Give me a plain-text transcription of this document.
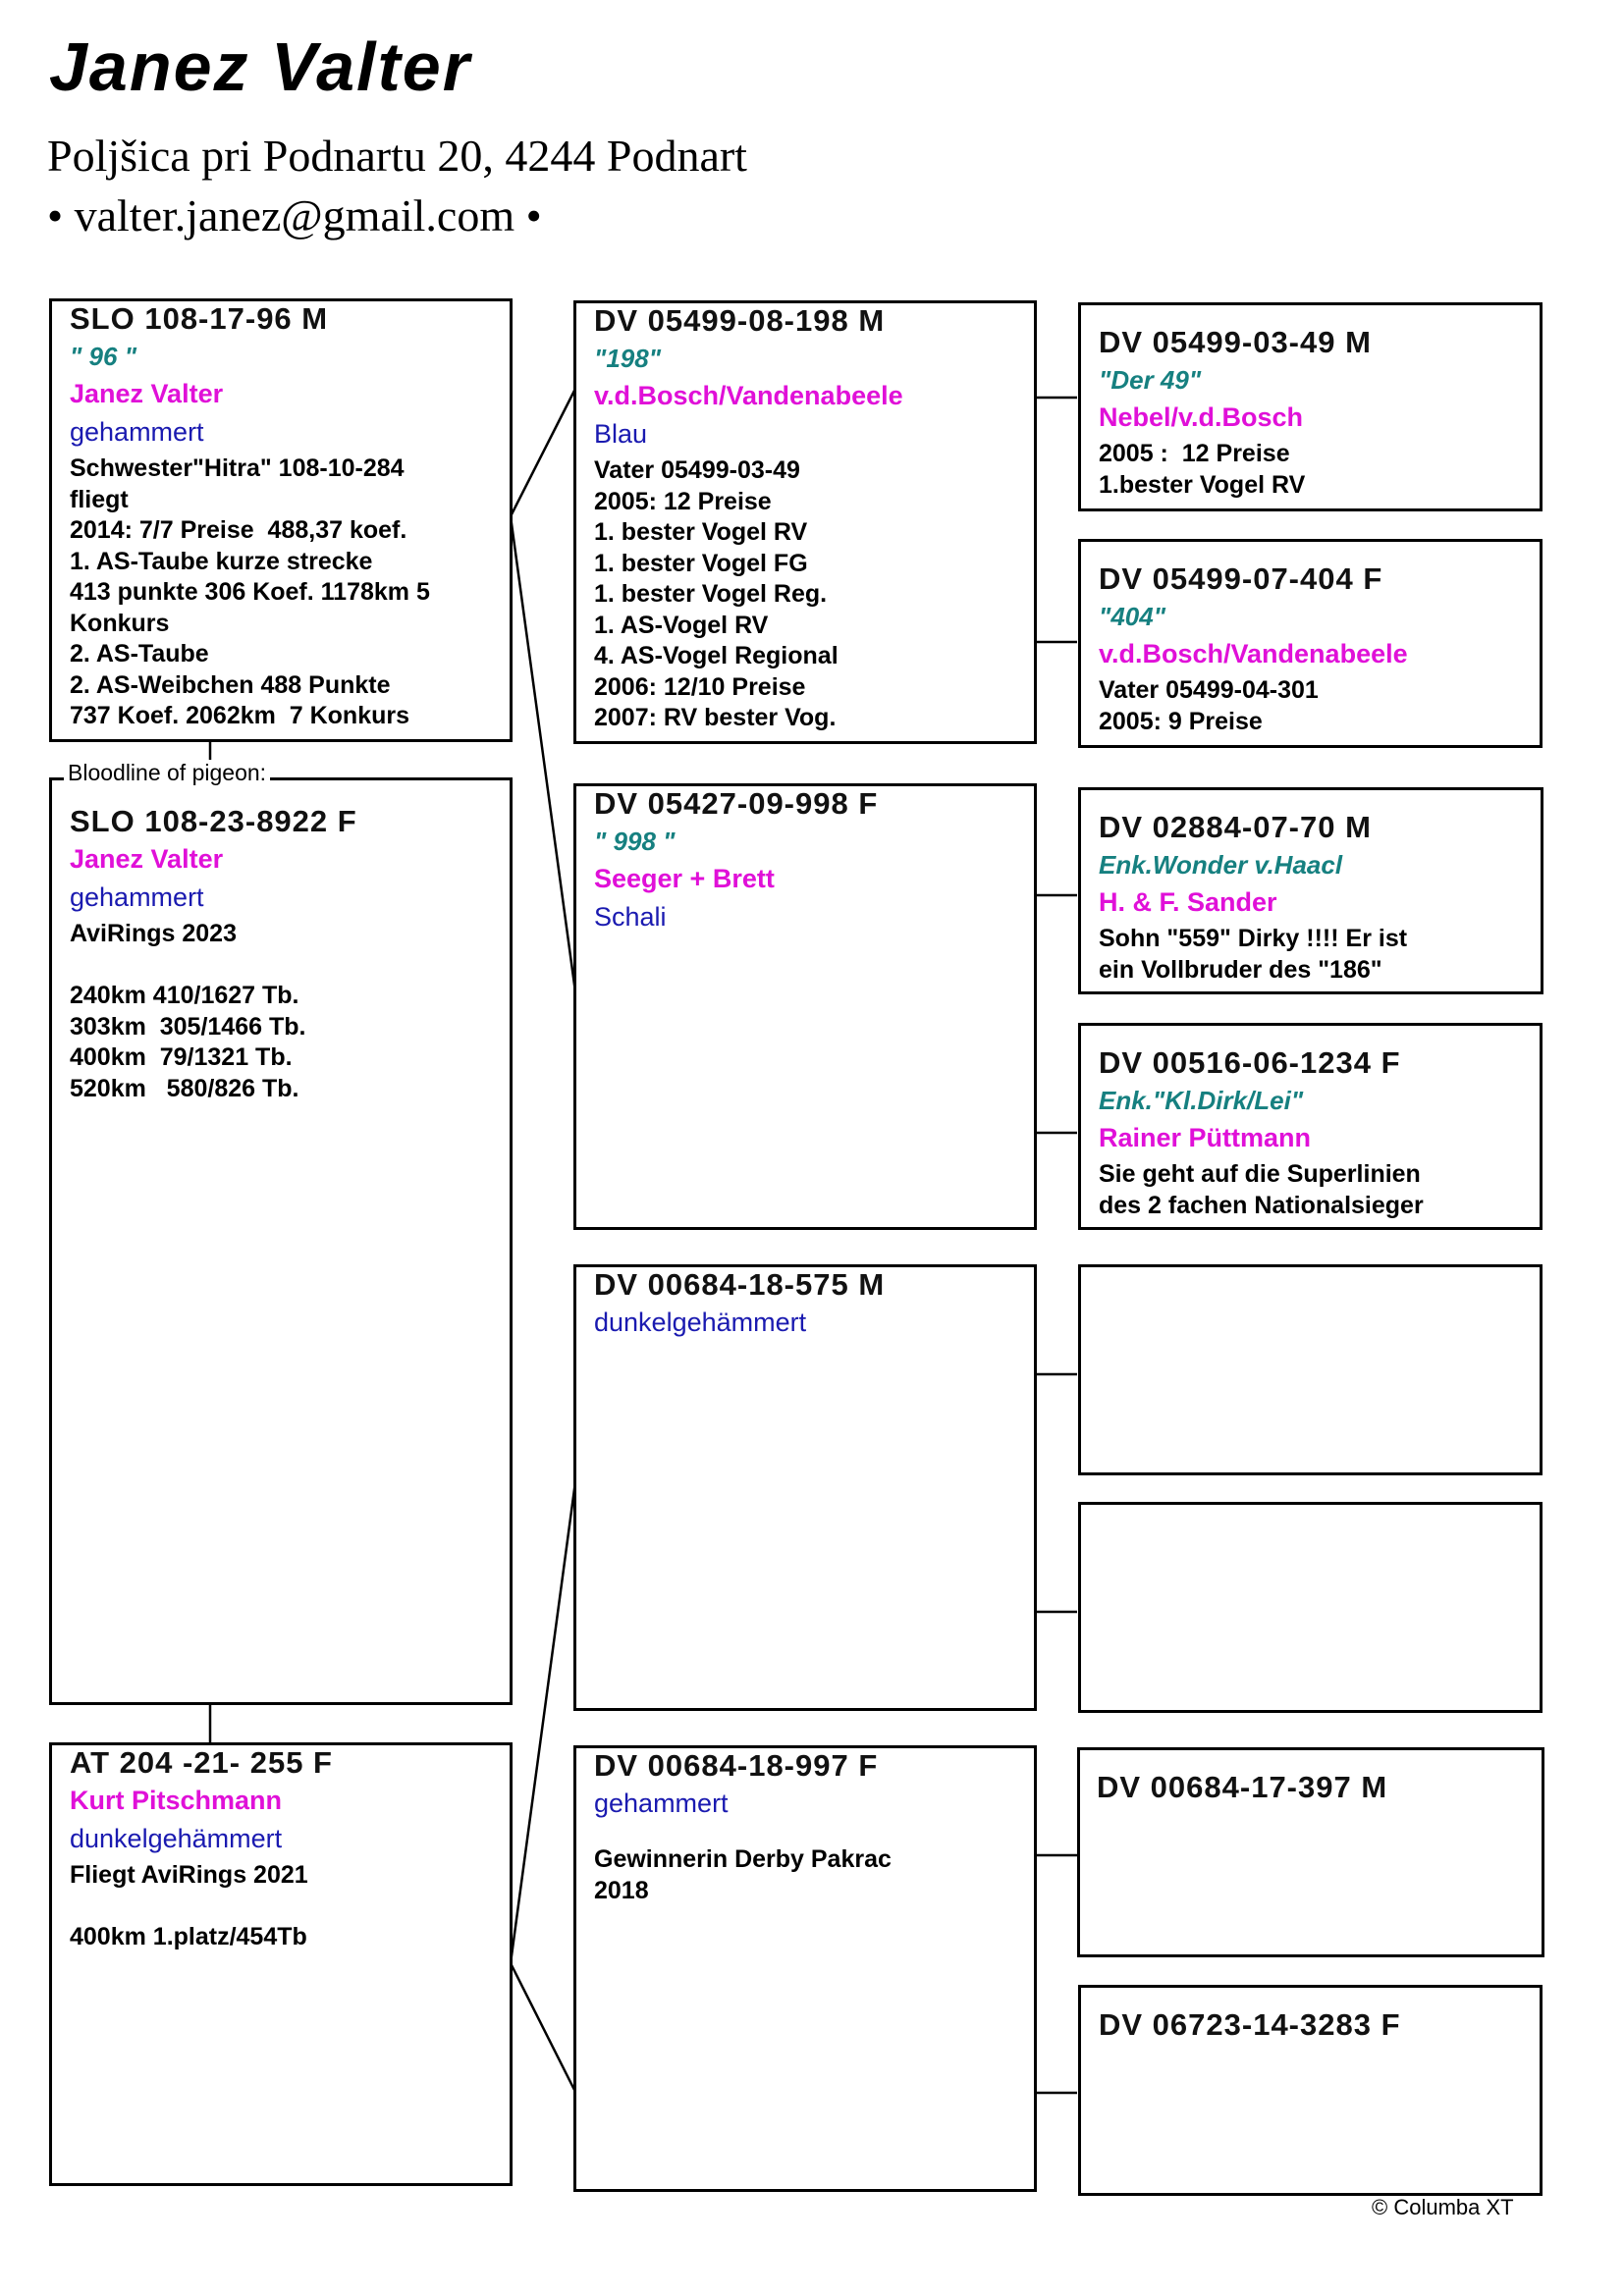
Janez Valter
Poljšica pri Podnartu 20, 4244 Podnart
• valter.janez@gmail.com •
SLO 108-17-96 M
" 96 "
Janez Valter
gehammert
Schwester"Hitra" 108-10-284
fliegt
2014: 7/7 Preise  488,37 koef.
1. AS-Taube kurze strecke
413 punkte 306 Koef. 1178km 5
Konkurs
2. AS-Taube
2. AS-Weibchen 488 Punkte
737 Koef. 2062km  7 Konkurs
SLO 108-23-8922 F
Janez Valter
gehammert
AviRings 2023

240km 410/1627 Tb.
303km  305/1466 Tb.
400km  79/1321 Tb.
520km   580/826 Tb.
Bloodline of pigeon:
AT 204 -21- 255 F
Kurt Pitschmann
dunkelgehämmert
Fliegt AviRings 2021

400km 1.platz/454Tb
DV 05499-08-198 M
"198"
v.d.Bosch/Vandenabeele
Blau
Vater 05499-03-49
2005: 12 Preise
1. bester Vogel RV
1. bester Vogel FG
1. bester Vogel Reg.
1. AS-Vogel RV
4. AS-Vogel Regional
2006: 12/10 Preise
2007: RV bester Vog.
DV 05427-09-998 F
" 998 "
Seeger + Brett
Schali
DV 00684-18-575 M
dunkelgehämmert
DV 00684-18-997 F
gehammert
Gewinnerin Derby Pakrac
2018
DV 05499-03-49 M
"Der 49"
Nebel/v.d.Bosch
2005 :  12 Preise
1.bester Vogel RV
DV 05499-07-404 F
"404"
v.d.Bosch/Vandenabeele
Vater 05499-04-301
2005: 9 Preise
DV 02884-07-70 M
Enk.Wonder v.Haacl
H. & F. Sander
Sohn "559" Dirky !!!! Er ist
ein Vollbruder des "186"
DV 00516-06-1234 F
Enk."Kl.Dirk/Lei"
Rainer Püttmann
Sie geht auf die Superlinien
des 2 fachen Nationalsieger
DV 00684-17-397 M
DV 06723-14-3283 F
© Columba XT
